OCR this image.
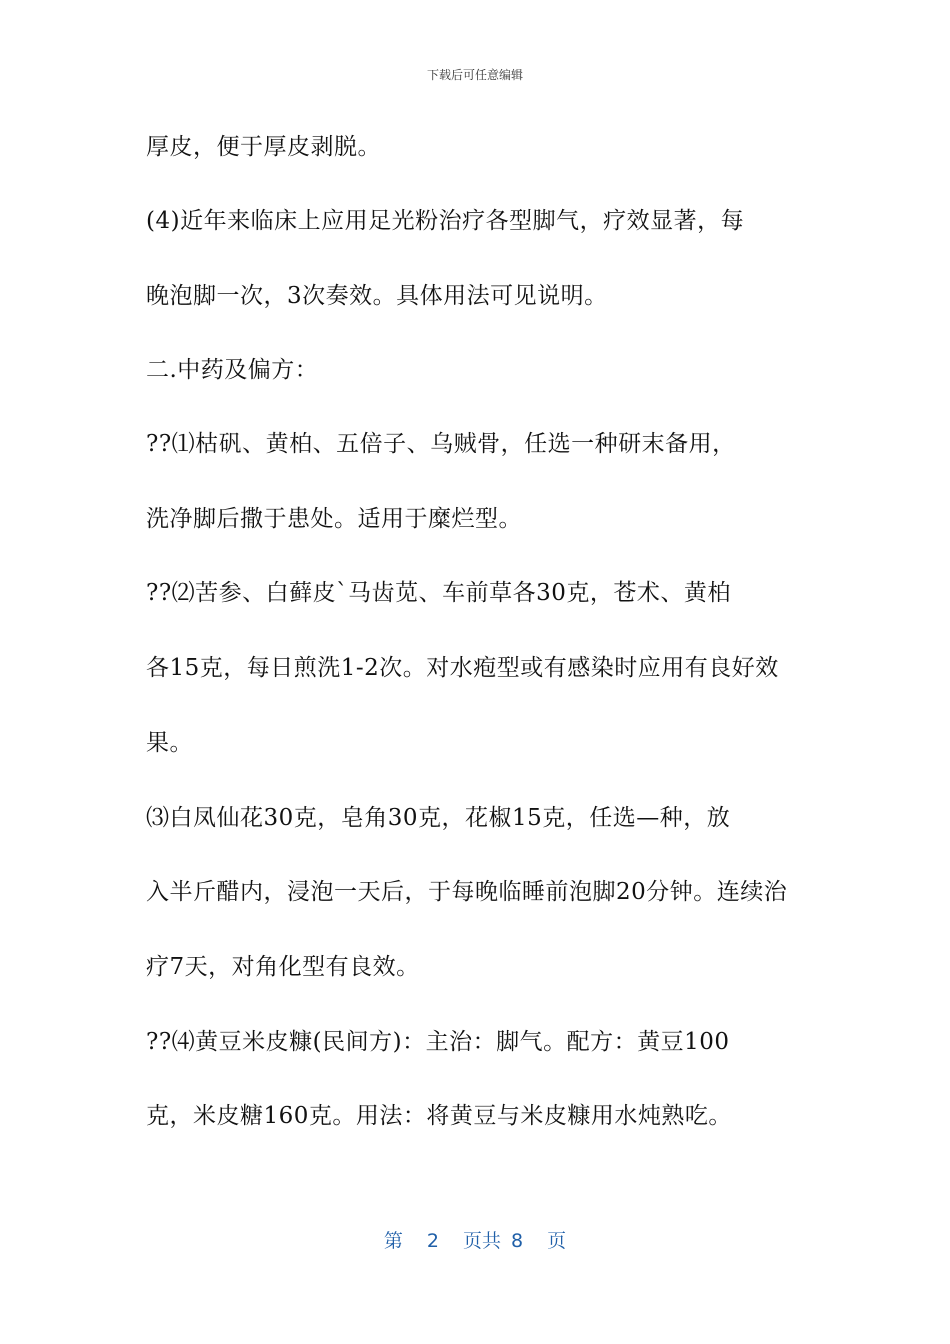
下载后可任意编辑
厚皮，便于厚皮剥脱。
(4)近年来临床上应用足光粉治疗各型脚气，疗效显著，每
晚泡脚一次，3次奏效。具体用法可见说明。
二.中药及偏方：
??⑴枯矾、黄柏、五倍子、乌贼骨，任选一种研末备用，
洗净脚后撒于患处。适用于糜烂型。
??⑵苦参、白藓皮`马齿苋、车前草各30克，苍术、黄柏
各15克，每日煎洗1-2次。对水疱型或有感染时应用有良好效
果。
⑶白凤仙花30克，皂角30克，花椒15克，任选—种，放
入半斤醋内，浸泡一天后，于每晚临睡前泡脚20分钟。连续治
疗7天，对角化型有良效。
??⑷黄豆米皮糠(民间方)：主治：脚气。配方：黄豆100
克，米皮糖160克。用法：将黄豆与米皮糠用水炖熟吃。
第 2 页共 8 页
